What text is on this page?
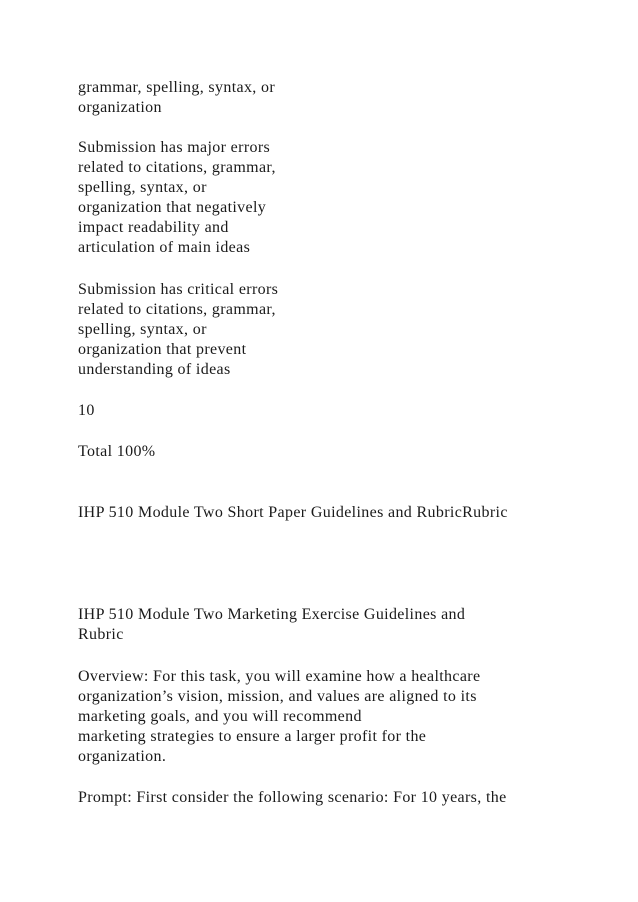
grammar, spelling, syntax, or

organization

Submission has major errors

related to citations, grammar,

spelling, syntax, or

organization that negatively

impact readability and

articulation of main ideas

Submission has critical errors

related to citations, grammar,

spelling, syntax, or

organization that prevent

understanding of ideas

10

Total 100%

IHP 510 Module Two Short Paper Guidelines and RubricRubric

IHP 510 Module Two Marketing Exercise Guidelines and

Rubric

Overview: For this task, you will examine how a healthcare

organization’s vision, mission, and values are aligned to its

marketing goals, and you will recommend

marketing strategies to ensure a larger profit for the

organization.

Prompt: First consider the following scenario: For 10 years, the
